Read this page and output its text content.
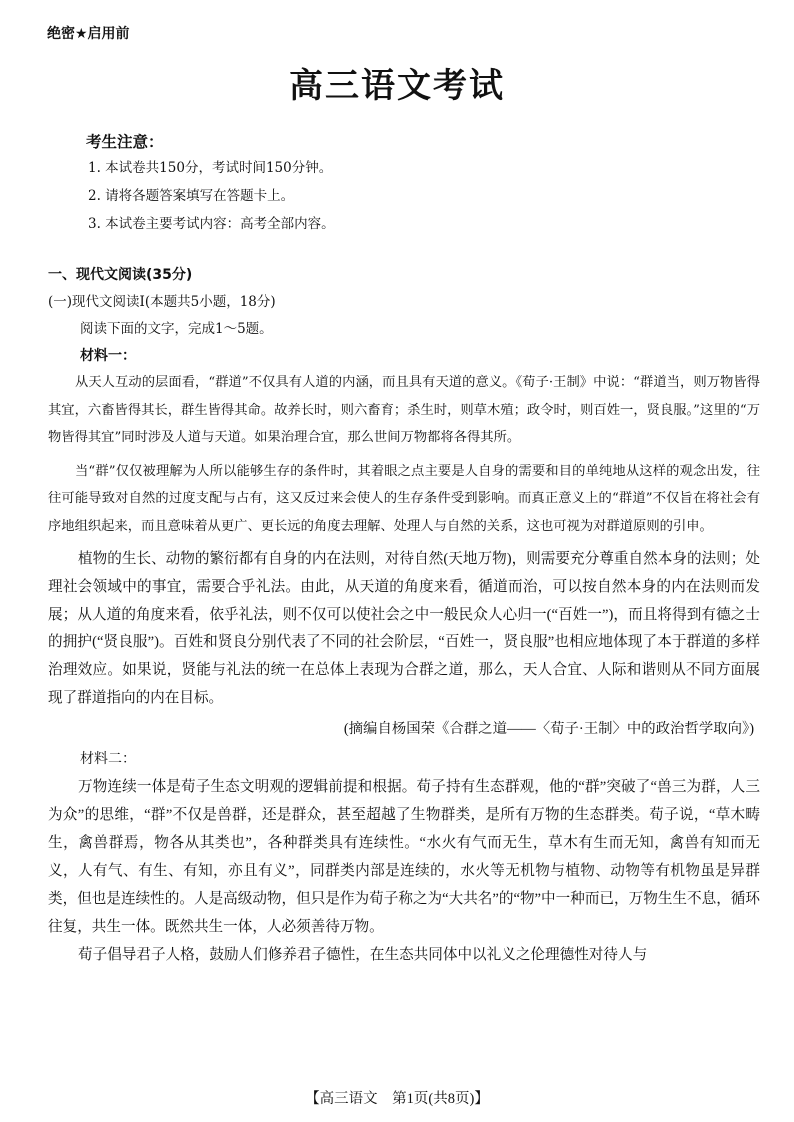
绝密★启用前
高三语文考试
考生注意：
1. 本试卷共150分，考试时间150分钟。
2. 请将各题答案填写在答题卡上。
3. 本试卷主要考试内容：高考全部内容。
一、现代文阅读(35分)
(一)现代文阅读Ⅰ(本题共5小题，18分)
阅读下面的文字，完成1～5题。
材料一：

从天人互动的层面看，“群道”不仅具有人道的内涵，而且具有天道的意义。《荀子·王制》中说：“群道当，则万物皆得其宜，六畜皆得其长，群生皆得其命。故养长时，则六畜育；杀生时，则草木殖；政令时，则百姓一，贤良服。”这里的“万物皆得其宜”同时涉及人道与天道。如果治理合宜，那么世间万物都将各得其所。

当“群”仅仅被理解为人所以能够生存的条件时，其着眼之点主要是人自身的需要和目的单纯地从这样的观念出发，往往可能导致对自然的过度支配与占有，这又反过来会使人的生存条件受到影响。而真正意义上的“群道”不仅旨在将社会有序地组织起来，而且意味着从更广、更长远的角度去理解、处理人与自然的关系，这也可视为对群道原则的引申。

植物的生长、动物的繁衍都有自身的内在法则，对待自然(天地万物)，则需要充分尊重自然本身的法则；处理社会领域中的事宜，需要合乎礼法。由此，从天道的角度来看，循道而治，可以按自然本身的内在法则而发展；从人道的角度来看，依乎礼法，则不仅可以使社会之中一般民众人心归一(“百姓一”)，而且将得到有德之士的拥护(“贤良服”)。百姓和贤良分别代表了不同的社会阶层，“百姓一，贤良服”也相应地体现了本于群道的多样治理效应。如果说，贤能与礼法的统一在总体上表现为合群之道，那么，天人合宜、人际和谐则从不同方面展现了群道指向的内在目标。

(摘编自杨国荣《合群之道——〈荀子·王制〉中的政治哲学取向》)
材料二：

万物连续一体是荀子生态文明观的逻辑前提和根据。荀子持有生态群观，他的“群”突破了“兽三为群，人三为众”的思维，“群”不仅是兽群，还是群众，甚至超越了生物群类，是所有万物的生态群类。荀子说，“草木畴生，禽兽群焉，物各从其类也”，各种群类具有连续性。“水火有气而无生，草木有生而无知，禽兽有知而无义，人有气、有生、有知，亦且有义”，同群类内部是连续的，水火等无机物与植物、动物等有机物虽是异群类，但也是连续性的。人是高级动物，但只是作为荀子称之为“大共名”的“物”中一种而已，万物生生不息，循环往复，共生一体。既然共生一体，人必须善待万物。

荀子倡导君子人格，鼓励人们修养君子德性，在生态共同体中以礼义之伦理德性对待人与

【高三语文　第1页(共8页)】
